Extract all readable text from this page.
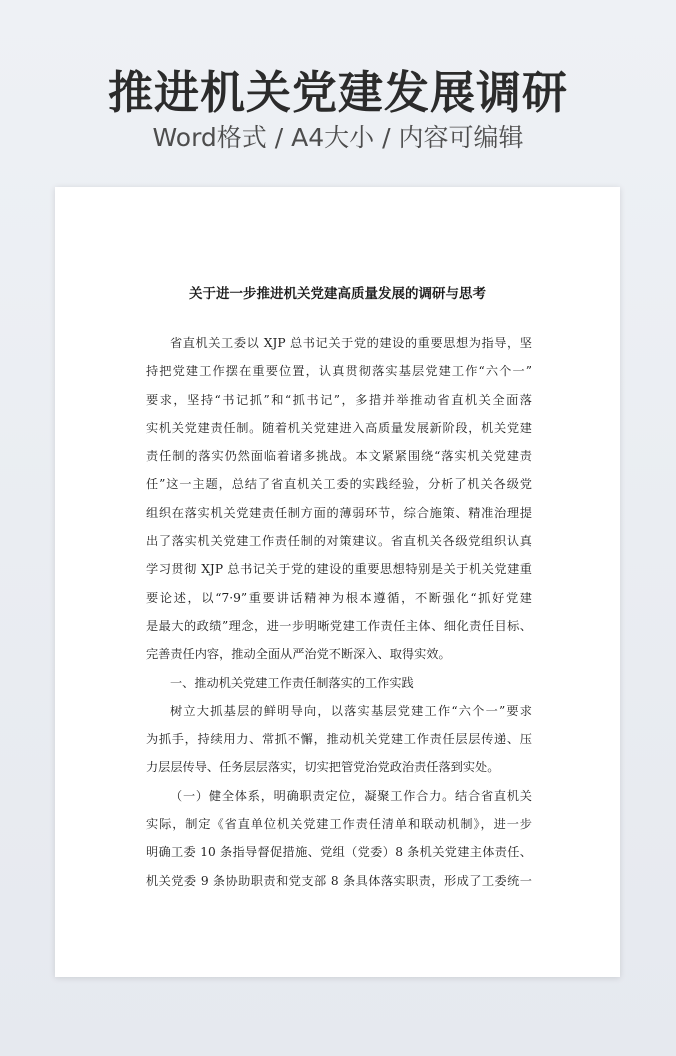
推进机关党建发展调研
Word格式 / A4大小 / 内容可编辑
关于进一步推进机关党建高质量发展的调研与思考
省直机关工委以 XJP 总书记关于党的建设的重要思想为指导，坚
持把党建工作摆在重要位置，认真贯彻落实基层党建工作“六个一”
要求，坚持“书记抓”和“抓书记”，多措并举推动省直机关全面落
实机关党建责任制。随着机关党建进入高质量发展新阶段，机关党建
责任制的落实仍然面临着诸多挑战。本文紧紧围绕“落实机关党建责
任”这一主题，总结了省直机关工委的实践经验，分析了机关各级党
组织在落实机关党建责任制方面的薄弱环节，综合施策、精准治理提
出了落实机关党建工作责任制的对策建议。省直机关各级党组织认真
学习贯彻 XJP 总书记关于党的建设的重要思想特别是关于机关党建重
要论述，以“7·9”重要讲话精神为根本遵循，不断强化“抓好党建
是最大的政绩”理念，进一步明晰党建工作责任主体、细化责任目标、
完善责任内容，推动全面从严治党不断深入、取得实效。
一、推动机关党建工作责任制落实的工作实践
树立大抓基层的鲜明导向，以落实基层党建工作“六个一”要求
为抓手，持续用力、常抓不懈，推动机关党建工作责任层层传递、压
力层层传导、任务层层落实，切实把管党治党政治责任落到实处。
（一）健全体系，明确职责定位，凝聚工作合力。结合省直机关
实际，制定《省直单位机关党建工作责任清单和联动机制》，进一步
明确工委 10 条指导督促措施、党组（党委）8 条机关党建主体责任、
机关党委 9 条协助职责和党支部 8 条具体落实职责，形成了工委统一
